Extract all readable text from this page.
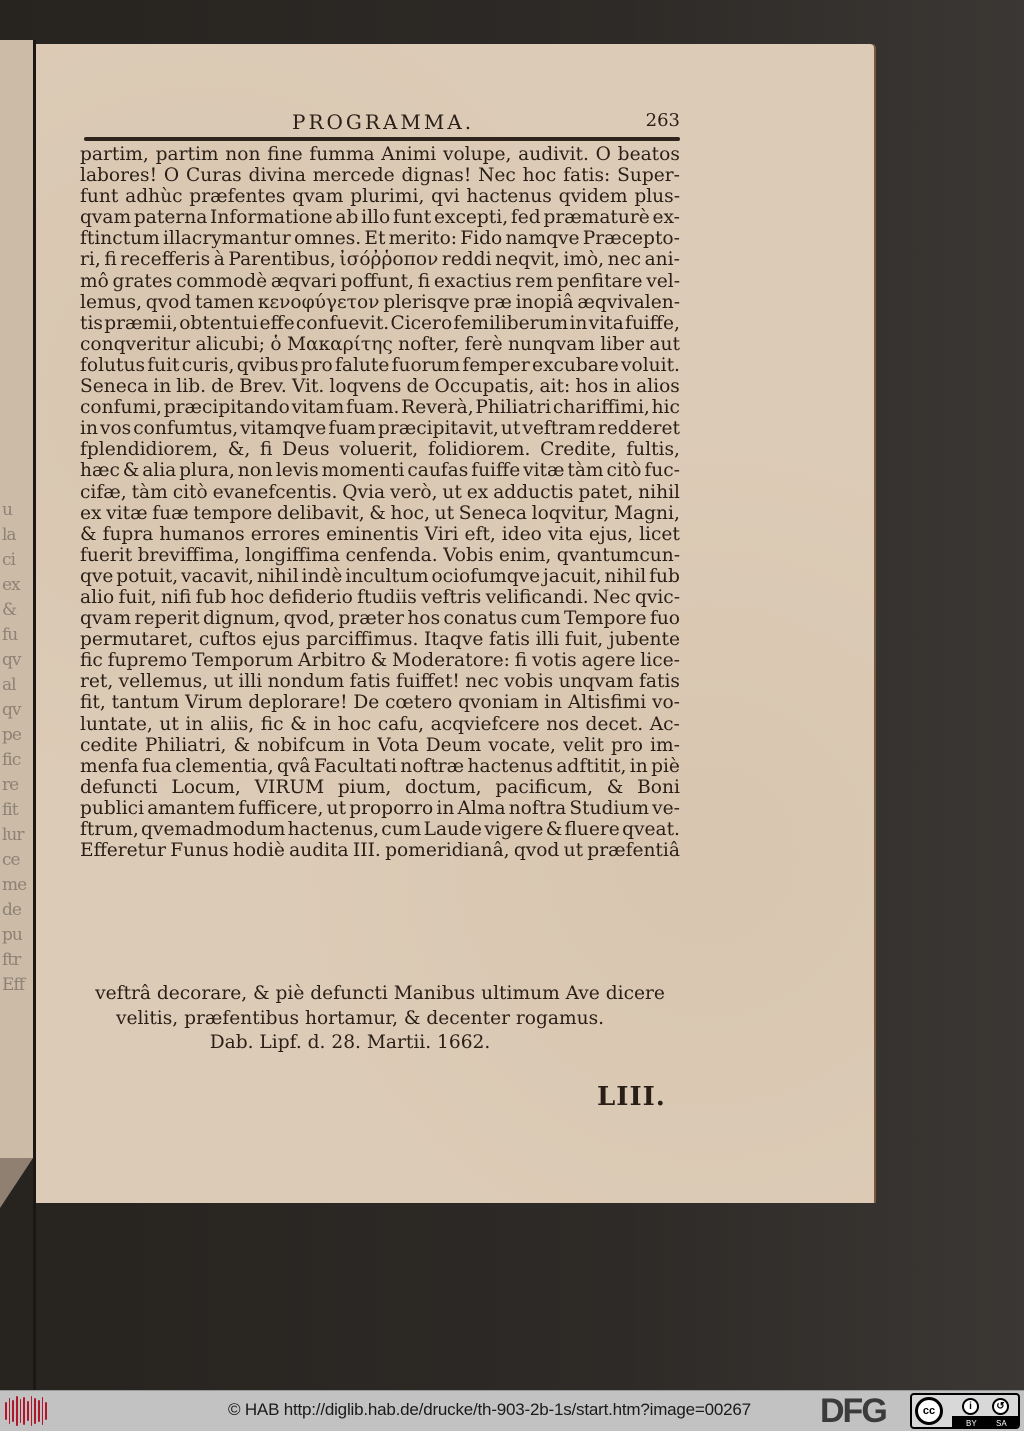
u
la
ci
ex
&
fu
qv
al
qv
pe
fic
re
fit
lur
ce
me
de
pu
ftr
Eff
PROGRAMMA.	263
partim, partim non fine fumma Animi volupe, audivit. O beatos
labores! O Curas divina mercede dignas! Nec hoc fatis: Super-
funt adhùc præfentes qvam plurimi, qvi hactenus qvidem plus-
qvam paterna Informatione ab illo funt excepti, fed præmaturè ex-
ftinctum illacrymantur omnes. Et merito: Fido namqve Præcepto-
ri, fi recefferis à Parentibus, ἰσόῤῥοπον reddi neqvit, imò, nec ani-
mô grates commodè æqvari poffunt, fi exactius rem penfitare vel-
lemus, qvod tamen κενοφύγετον plerisqve præ inopiâ æqvivalen-
tis præmii, obtentui effe confuevit. Cicero femiliberum in vita fuiffe,
conqveritur alicubi; ὁ Μακαρίτης nofter, ferè nunqvam liber aut
folutus fuit curis, qvibus pro falute fuorum femper excubare voluit.
Seneca in lib. de Brev. Vit. loqvens de Occupatis, ait: hos in alios
confumi, præcipitando vitam fuam. Reverà, Philiatri chariffimi, hic
in vos confumtus, vitamqve fuam præcipitavit, ut veftram redderet
fplendidiorem, &, fi Deus voluerit, folidiorem. Credite, fultis,
hæc & alia plura, non levis momenti caufas fuiffe vitæ tàm citò fuc-
cifæ, tàm citò evanefcentis. Qvia verò, ut ex adductis patet, nihil
ex vitæ fuæ tempore delibavit, & hoc, ut Seneca loqvitur, Magni,
& fupra humanos errores eminentis Viri eft, ideo vita ejus, licet
fuerit breviffima, longiffima cenfenda. Vobis enim, qvantumcun-
qve potuit, vacavit, nihil indè incultum ociofumqve jacuit, nihil fub
alio fuit, nifi fub hoc defiderio ftudiis veftris velificandi. Nec qvic-
qvam reperit dignum, qvod, præter hos conatus cum Tempore fuo
permutaret, cuftos ejus parciffimus. Itaqve fatis illi fuit, jubente
fic fupremo Temporum Arbitro & Moderatore: fi votis agere lice-
ret, vellemus, ut illi nondum fatis fuiffet! nec vobis unqvam fatis
fit, tantum Virum deplorare! De cœtero qvoniam in Altisfimi vo-
luntate, ut in aliis, fic & in hoc cafu, acqviefcere nos decet. Ac-
cedite Philiatri, & nobifcum in Vota Deum vocate, velit pro im-
menfa fua clementia, qvâ Facultati noftræ hactenus adftitit, in piè
defuncti Locum, VIRUM pium, doctum, pacificum, & Boni
publici amantem fufficere, ut proporro in Alma noftra Studium ve-
ftrum, qvemadmodum hactenus, cum Laude vigere & fluere qveat.
Efferetur Funus hodiè audita III. pomeridianâ, qvod ut præfentiâ
veftrâ decorare, & piè defuncti Manibus ultimum Ave dicere
velitis, præfentibus hortamur, & decenter rogamus.
Dab. Lipf. d. 28. Martii. 1662.
LIII.
© HAB http://diglib.hab.de/drucke/th-903-2b-1s/start.htm?image=00267 DFG	cc	i	↺
BY SA
